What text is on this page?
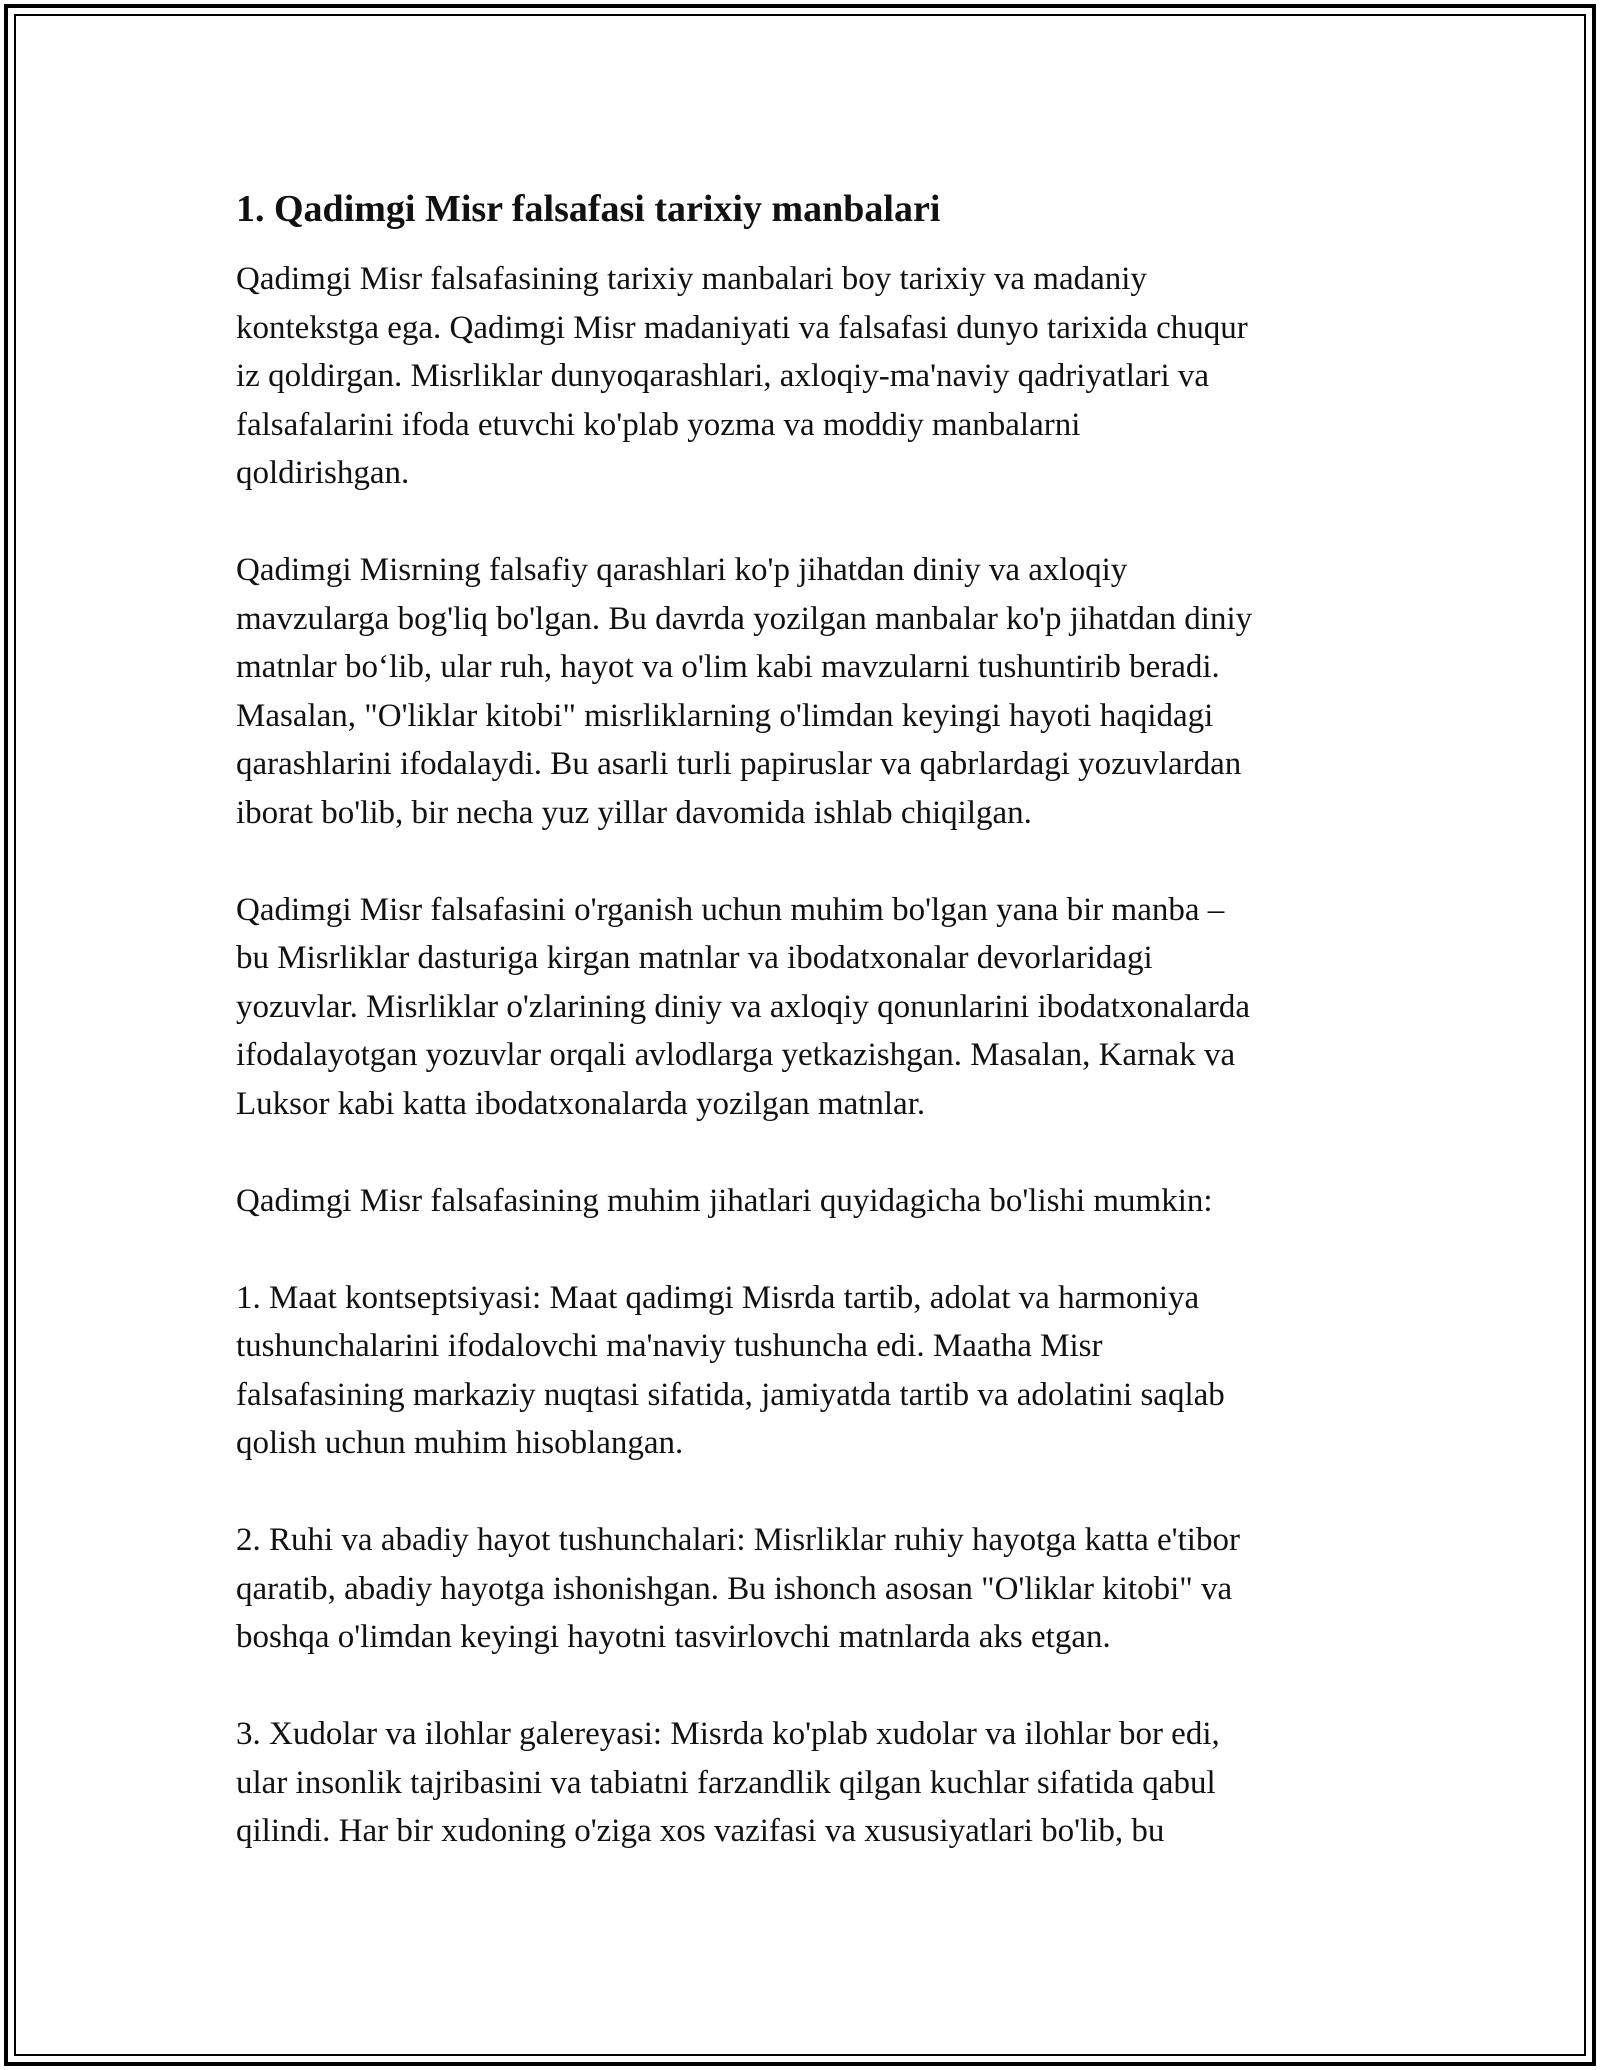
1. Qadimgi Misr falsafasi tarixiy manbalari

Qadimgi Misr falsafasining tarixiy manbalari boy tarixiy va madaniy
kontekstga ega. Qadimgi Misr madaniyati va falsafasi dunyo tarixida chuqur
iz qoldirgan. Misrliklar dunyoqarashlari, axloqiy-ma'naviy qadriyatlari va
falsafalarini ifoda etuvchi ko'plab yozma va moddiy manbalarni
qoldirishgan.

Qadimgi Misrning falsafiy qarashlari ko'p jihatdan diniy va axloqiy
mavzularga bog'liq bo'lgan. Bu davrda yozilgan manbalar ko'p jihatdan diniy
matnlar bo‘lib, ular ruh, hayot va o'lim kabi mavzularni tushuntirib beradi.
Masalan, "O'liklar kitobi" misrliklarning o'limdan keyingi hayoti haqidagi
qarashlarini ifodalaydi. Bu asarli turli papiruslar va qabrlardagi yozuvlardan
iborat bo'lib, bir necha yuz yillar davomida ishlab chiqilgan.

Qadimgi Misr falsafasini o'rganish uchun muhim bo'lgan yana bir manba –
bu Misrliklar dasturiga kirgan matnlar va ibodatxonalar devorlaridagi
yozuvlar. Misrliklar o'zlarining diniy va axloqiy qonunlarini ibodatxonalarda
ifodalayotgan yozuvlar orqali avlodlarga yetkazishgan. Masalan, Karnak va
Luksor kabi katta ibodatxonalarda yozilgan matnlar.

Qadimgi Misr falsafasining muhim jihatlari quyidagicha bo'lishi mumkin:

1. Maat kontseptsiyasi: Maat qadimgi Misrda tartib, adolat va harmoniya
tushunchalarini ifodalovchi ma'naviy tushuncha edi. Maatha Misr
falsafasining markaziy nuqtasi sifatida, jamiyatda tartib va adolatini saqlab
qolish uchun muhim hisoblangan.

2. Ruhi va abadiy hayot tushunchalari: Misrliklar ruhiy hayotga katta e'tibor
qaratib, abadiy hayotga ishonishgan. Bu ishonch asosan "O'liklar kitobi" va
boshqa o'limdan keyingi hayotni tasvirlovchi matnlarda aks etgan.

3. Xudolar va ilohlar galereyasi: Misrda ko'plab xudolar va ilohlar bor edi,
ular insonlik tajribasini va tabiatni farzandlik qilgan kuchlar sifatida qabul
qilindi. Har bir xudoning o'ziga xos vazifasi va xususiyatlari bo'lib, bu
